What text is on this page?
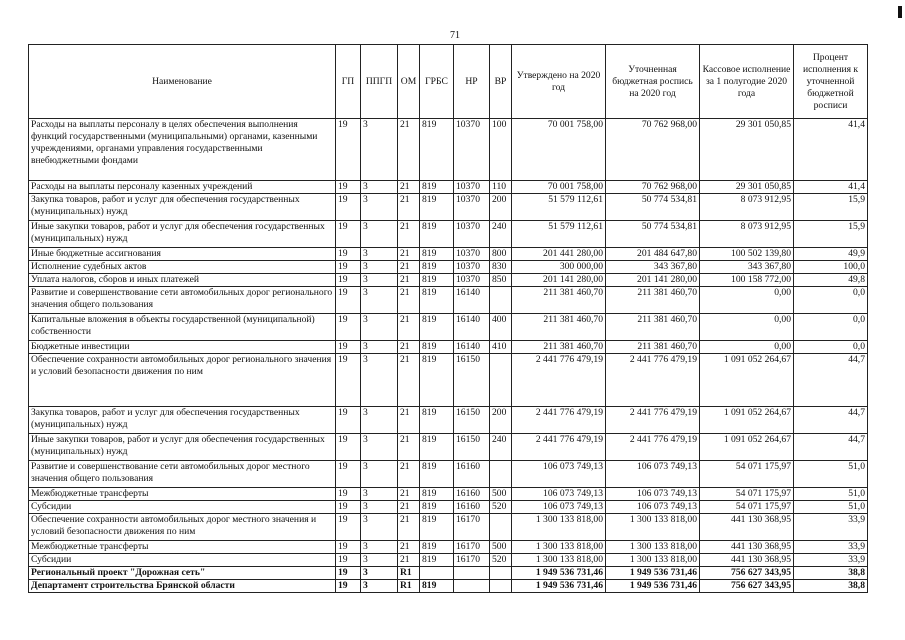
71
Наименование	ГП	ППГП	ОМ	ГРБС	НР	ВР	Утверждено на 2020 год	Уточненная бюджетная роспись на 2020 год	Кассовое исполнение за 1 полугодие 2020 года	Процент исполнения к уточненной бюджетной росписи
Расходы на выплаты персоналу в целях обеспечения выполнения функций государственными (муниципальными) органами, казенными учреждениями, органами управления государственными внебюджетными фондами	19	3	21	819	10370	100	70 001 758,00	70 762 968,00	29 301 050,85	41,4
Расходы на выплаты персоналу казенных учреждений	19	3	21	819	10370	110	70 001 758,00	70 762 968,00	29 301 050,85	41,4
Закупка товаров, работ и услуг для обеспечения государственных (муниципальных) нужд	19	3	21	819	10370	200	51 579 112,61	50 774 534,81	8 073 912,95	15,9
Иные закупки товаров, работ и услуг для обеспечения государственных (муниципальных) нужд	19	3	21	819	10370	240	51 579 112,61	50 774 534,81	8 073 912,95	15,9
Иные бюджетные ассигнования	19	3	21	819	10370	800	201 441 280,00	201 484 647,80	100 502 139,80	49,9
Исполнение судебных актов	19	3	21	819	10370	830	300 000,00	343 367,80	343 367,80	100,0
Уплата налогов, сборов и иных платежей	19	3	21	819	10370	850	201 141 280,00	201 141 280,00	100 158 772,00	49,8
Развитие и совершенствование сети автомобильных дорог регионального значения общего пользования	19	3	21	819	16140		211 381 460,70	211 381 460,70	0,00	0,0
Капитальные вложения в объекты государственной (муниципальной) собственности	19	3	21	819	16140	400	211 381 460,70	211 381 460,70	0,00	0,0
Бюджетные инвестиции	19	3	21	819	16140	410	211 381 460,70	211 381 460,70	0,00	0,0
Обеспечение сохранности автомобильных дорог регионального значения и условий безопасности движения по ним	19	3	21	819	16150		2 441 776 479,19	2 441 776 479,19	1 091 052 264,67	44,7
Закупка товаров, работ и услуг для обеспечения государственных (муниципальных) нужд	19	3	21	819	16150	200	2 441 776 479,19	2 441 776 479,19	1 091 052 264,67	44,7
Иные закупки товаров, работ и услуг для обеспечения государственных (муниципальных) нужд	19	3	21	819	16150	240	2 441 776 479,19	2 441 776 479,19	1 091 052 264,67	44,7
Развитие и совершенствование сети автомобильных дорог местного значения общего пользования	19	3	21	819	16160		106 073 749,13	106 073 749,13	54 071 175,97	51,0
Межбюджетные трансферты	19	3	21	819	16160	500	106 073 749,13	106 073 749,13	54 071 175,97	51,0
Субсидии	19	3	21	819	16160	520	106 073 749,13	106 073 749,13	54 071 175,97	51,0
Обеспечение сохранности автомобильных дорог местного значения и условий безопасности движения по ним	19	3	21	819	16170		1 300 133 818,00	1 300 133 818,00	441 130 368,95	33,9
Межбюджетные трансферты	19	3	21	819	16170	500	1 300 133 818,00	1 300 133 818,00	441 130 368,95	33,9
Субсидии	19	3	21	819	16170	520	1 300 133 818,00	1 300 133 818,00	441 130 368,95	33,9
Региональный проект "Дорожная сеть"	19	3	R1				1 949 536 731,46	1 949 536 731,46	756 627 343,95	38,8
Департамент строительства Брянской области	19	3	R1	819			1 949 536 731,46	1 949 536 731,46	756 627 343,95	38,8
